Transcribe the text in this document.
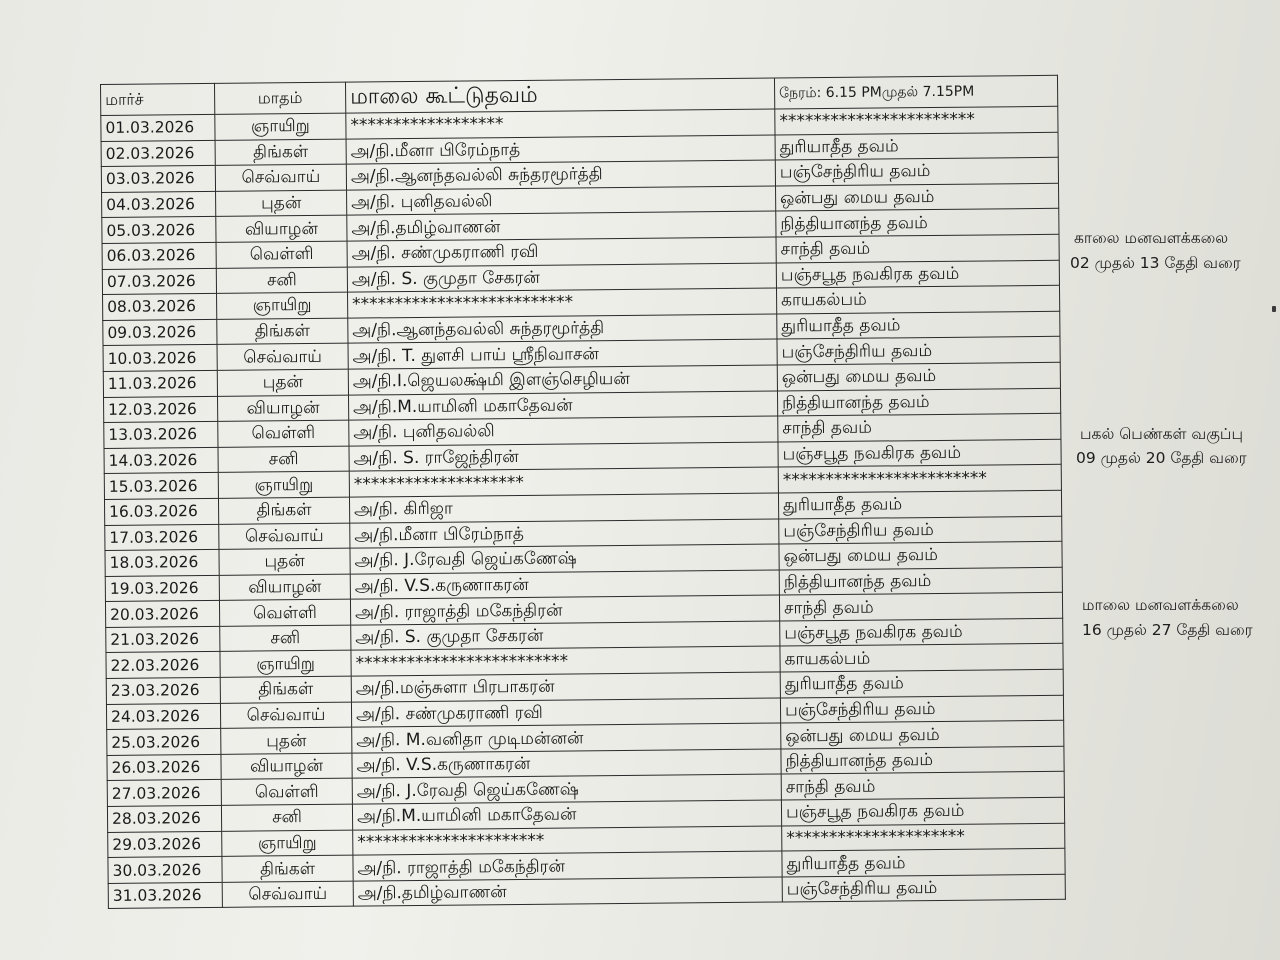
மார்ச்	மாதம்	மாலை கூட்டுதவம்	நேரம்: 6.15 PMமுதல் 7.15PM
01.03.2026	ஞாயிறு	******************	***********************
02.03.2026	திங்கள்	அ/நி.மீனா பிரேம்நாத்	துரியாதீத தவம்
03.03.2026	செவ்வாய்	அ/நி.ஆனந்தவல்லி சுந்தரமூர்த்தி	பஞ்சேந்திரிய தவம்
04.03.2026	புதன்	அ/நி. புனிதவல்லி	ஒன்பது மைய தவம்
05.03.2026	வியாழன்	அ/நி.தமிழ்வாணன்	நித்தியானந்த தவம்
06.03.2026	வெள்ளி	அ/நி. சண்முகராணி ரவி	சாந்தி தவம்
07.03.2026	சனி	அ/நி. S. குமுதா சேகரன்	பஞ்சபூத நவகிரக தவம்
08.03.2026	ஞாயிறு	**************************	காயகல்பம்
09.03.2026	திங்கள்	அ/நி.ஆனந்தவல்லி சுந்தரமூர்த்தி	துரியாதீத தவம்
10.03.2026	செவ்வாய்	அ/நி. T. துளசி பாய் ஸ்ரீநிவாசன்	பஞ்சேந்திரிய தவம்
11.03.2026	புதன்	அ/நி.I.ஜெயலக்ஷ்மி இளஞ்செழியன்	ஒன்பது மைய தவம்
12.03.2026	வியாழன்	அ/நி.M.யாமினி மகாதேவன்	நித்தியானந்த தவம்
13.03.2026	வெள்ளி	அ/நி. புனிதவல்லி	சாந்தி தவம்
14.03.2026	சனி	அ/நி. S. ராஜேந்திரன்	பஞ்சபூத நவகிரக தவம்
15.03.2026	ஞாயிறு	********************	************************
16.03.2026	திங்கள்	அ/நி. கிரிஜா	துரியாதீத தவம்
17.03.2026	செவ்வாய்	அ/நி.மீனா பிரேம்நாத்	பஞ்சேந்திரிய தவம்
18.03.2026	புதன்	அ/நி. J.ரேவதி ஜெய்கணேஷ்	ஒன்பது மைய தவம்
19.03.2026	வியாழன்	அ/நி. V.S.கருணாகரன்	நித்தியானந்த தவம்
20.03.2026	வெள்ளி	அ/நி. ராஜாத்தி மகேந்திரன்	சாந்தி தவம்
21.03.2026	சனி	அ/நி. S. குமுதா சேகரன்	பஞ்சபூத நவகிரக தவம்
22.03.2026	ஞாயிறு	*************************	காயகல்பம்
23.03.2026	திங்கள்	அ/நி.மஞ்சுளா பிரபாகரன்	துரியாதீத தவம்
24.03.2026	செவ்வாய்	அ/நி. சண்முகராணி ரவி	பஞ்சேந்திரிய தவம்
25.03.2026	புதன்	அ/நி. M.வனிதா முடிமன்னன்	ஒன்பது மைய தவம்
26.03.2026	வியாழன்	அ/நி. V.S.கருணாகரன்	நித்தியானந்த தவம்
27.03.2026	வெள்ளி	அ/நி. J.ரேவதி ஜெய்கணேஷ்	சாந்தி தவம்
28.03.2026	சனி	அ/நி.M.யாமினி மகாதேவன்	பஞ்சபூத நவகிரக தவம்
29.03.2026	ஞாயிறு	**********************	*********************
30.03.2026	திங்கள்	அ/நி. ராஜாத்தி மகேந்திரன்	துரியாதீத தவம்
31.03.2026	செவ்வாய்	அ/நி.தமிழ்வாணன்	பஞ்சேந்திரிய தவம்
காலை மனவளக்கலை
02 முதல் 13 தேதி வரை
பகல் பெண்கள் வகுப்பு
09 முதல் 20 தேதி வரை
மாலை மனவளக்கலை
16 முதல் 27 தேதி வரை
